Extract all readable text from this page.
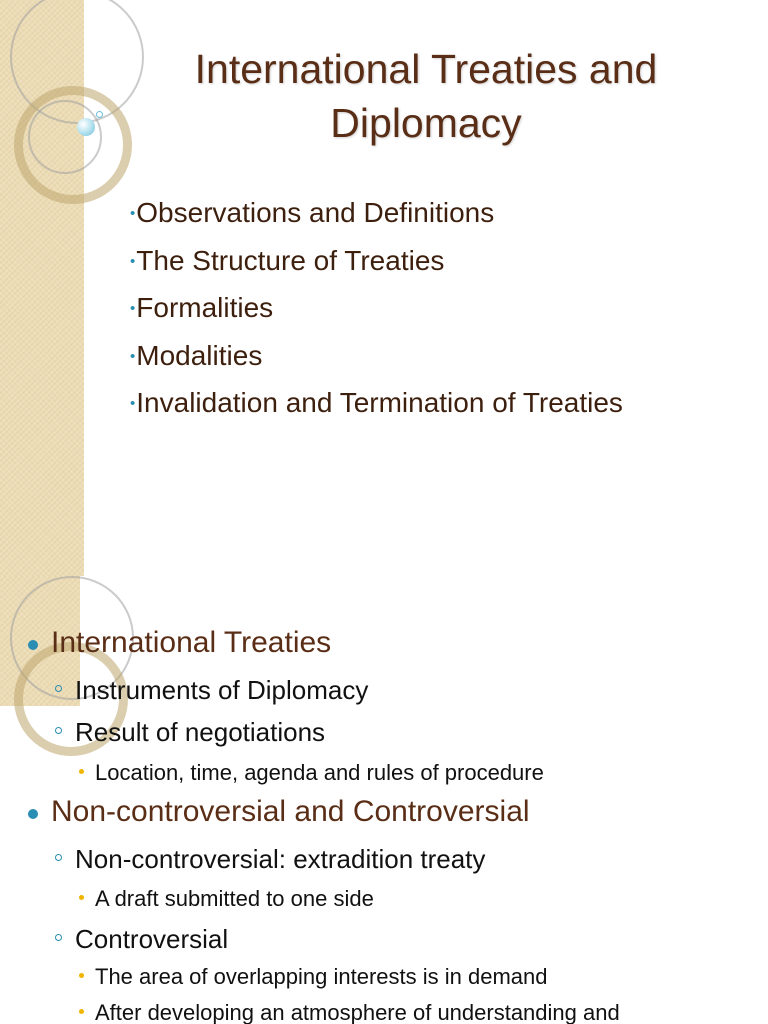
International Treaties and
Diplomacy
•Observations and Definitions
•The Structure of Treaties
•Formalities
•Modalities
•Invalidation and Termination of Treaties
International Treaties
Instruments of Diplomacy
Result of negotiations
Location, time, agenda and rules of procedure
Non-controversial and Controversial
Non-controversial: extradition treaty
A draft submitted to one side
Controversial
The area of overlapping interests is in demand
After developing an atmosphere of understanding and
